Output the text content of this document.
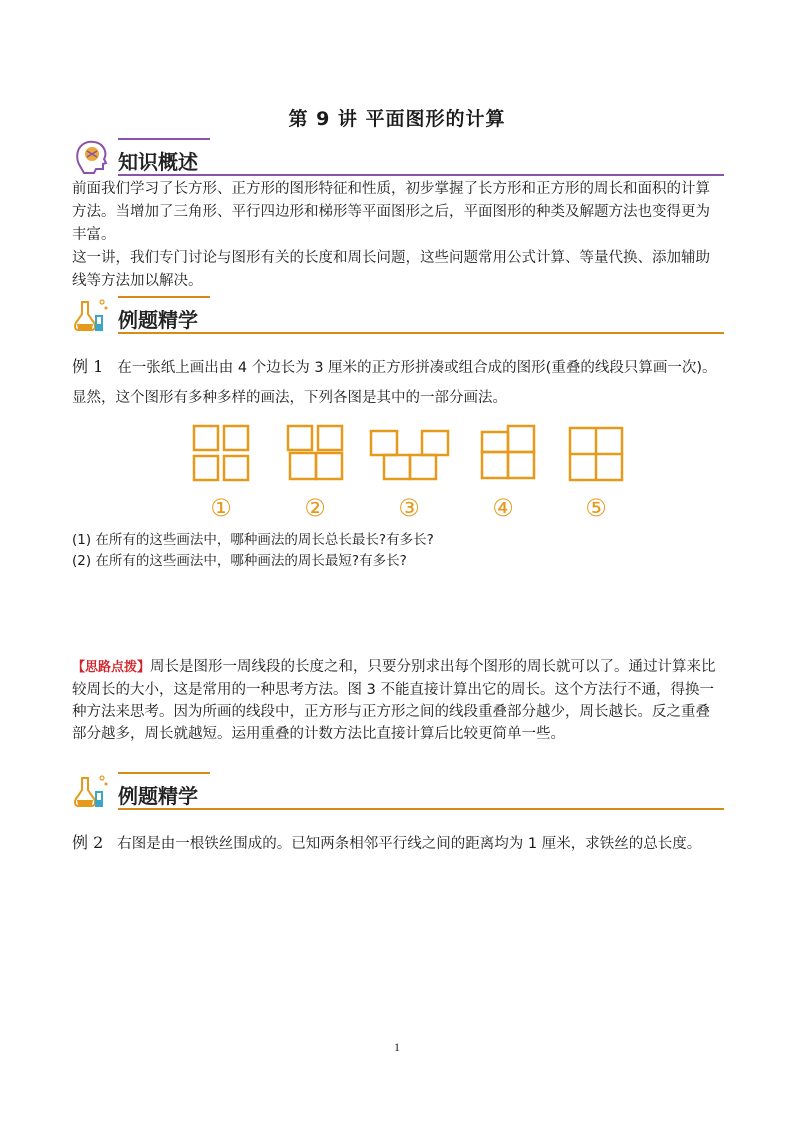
第 9 讲 平面图形的计算
知识概述

前面我们学习了长方形、正方形的图形特征和性质，初步掌握了长方形和正方形的周长和面积的计算方法。当增加了三角形、平行四边形和梯形等平面图形之后，平面图形的种类及解题方法也变得更为丰富。

这一讲，我们专门讨论与图形有关的长度和周长问题，这些问题常用公式计算、等量代换、添加辅助线等方法加以解决。

例题精学

例 1 在一张纸上画出由 4 个边长为 3 厘米的正方形拼凑或组合成的图形(重叠的线段只算画一次)。显然，这个图形有多种多样的画法，下列各图是其中的一部分画法。

①	②	③	④	⑤
(1) 在所有的这些画法中，哪种画法的周长总长最长?有多长?
(2) 在所有的这些画法中，哪种画法的周长最短?有多长?

【思路点拨】周长是图形一周线段的长度之和，只要分别求出每个图形的周长就可以了。通过计算来比较周长的大小，这是常用的一种思考方法。图 3 不能直接计算出它的周长。这个方法行不通，得换一种方法来思考。因为所画的线段中，正方形与正方形之间的线段重叠部分越少，周长越长。反之重叠部分越多，周长就越短。运用重叠的计数方法比直接计算后比较更简单一些。

例题精学

例 2 右图是由一根铁丝围成的。已知两条相邻平行线之间的距离均为 1 厘米，求铁丝的总长度。

1
